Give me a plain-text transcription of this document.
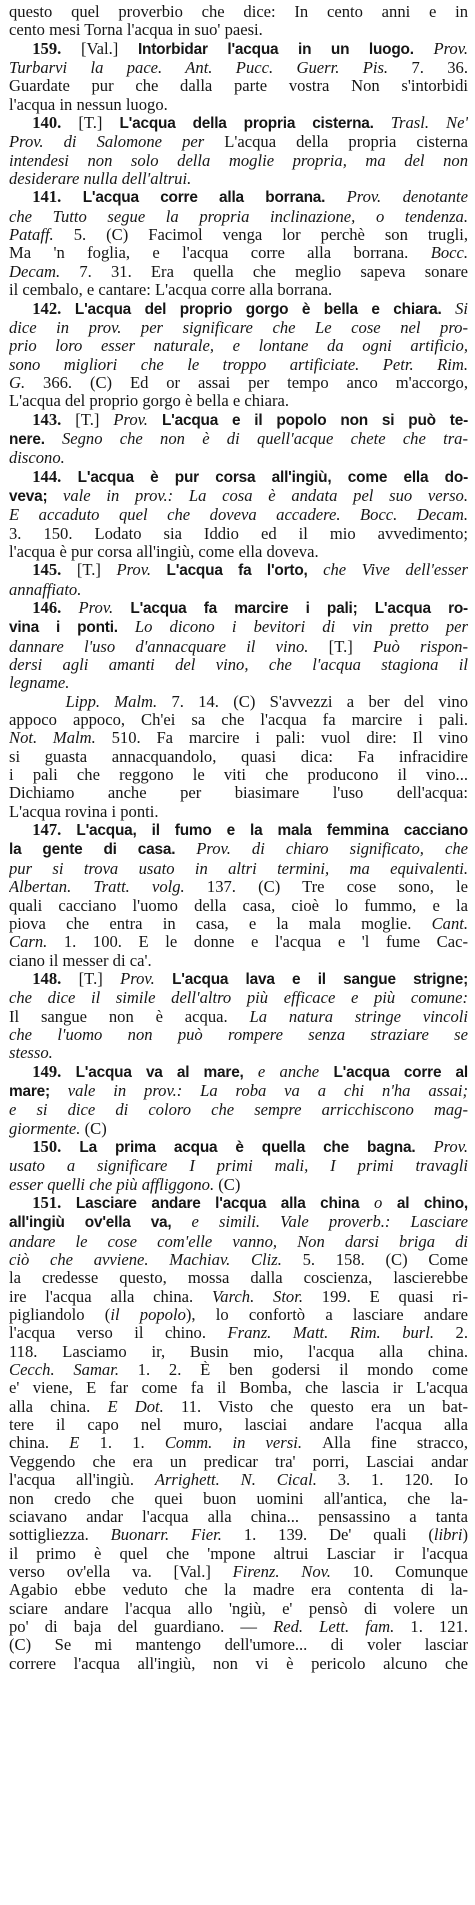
questo quel proverbio che dice: In cento anni e in
cento mesi Torna l'acqua in suo' paesi.
159. [Val.] Intorbidar l'acqua in un luogo. Prov.
Turbarvi la pace. Ant. Pucc. Guerr. Pis. 7. 36.
Guardate pur che dalla parte vostra Non s'intorbidi
l'acqua in nessun luogo.
140. [T.] L'acqua della propria cisterna. Trasl. Ne'
Prov. di Salomone per L'acqua della propria cisterna
intendesi non solo della moglie propria, ma del non
desiderare nulla dell'altrui.
141. L'acqua corre alla borrana. Prov. denotante
che Tutto segue la propria inclinazione, o tendenza.
Pataff. 5. (C) Facimol venga lor perchè son trugli,
Ma 'n foglia, e l'acqua corre alla borrana. Bocc.
Decam. 7. 31. Era quella che meglio sapeva sonare
il cembalo, e cantare: L'acqua corre alla borrana.
142. L'acqua del proprio gorgo è bella e chiara. Si
dice in prov. per significare che Le cose nel pro-
prio loro esser naturale, e lontane da ogni artificio,
sono migliori che le troppo artificiate. Petr. Rim.
G. 366. (C) Ed or assai per tempo anco m'accorgo,
L'acqua del proprio gorgo è bella e chiara.
143. [T.] Prov. L'acqua e il popolo non si può te-
nere. Segno che non è di quell'acque chete che tra-
discono.
144. L'acqua è pur corsa all'ingiù, come ella do-
veva; vale in prov.: La cosa è andata pel suo verso.
E accaduto quel che doveva accadere. Bocc. Decam.
3. 150. Lodato sia Iddio ed il mio avvedimento;
l'acqua è pur corsa all'ingiù, come ella doveva.
145. [T.] Prov. L'acqua fa l'orto, che Vive dell'esser
annaffiato.
146. Prov. L'acqua fa marcire i pali; L'acqua ro-
vina i ponti. Lo dicono i bevitori di vin pretto per
dannare l'uso d'annacquare il vino. [T.] Può rispon-
dersi agli amanti del vino, che l'acqua stagiona il
legname.
Lipp. Malm. 7. 14. (C) S'avvezzi a ber del vino
appoco appoco, Ch'ei sa che l'acqua fa marcire i pali.
Not. Malm. 510. Fa marcire i pali: vuol dire: Il vino
si guasta annacquandolo, quasi dica: Fa infracidire
i pali che reggono le viti che producono il vino...
Dichiamo anche per biasimare l'uso dell'acqua:
L'acqua rovina i ponti.
147. L'acqua, il fumo e la mala femmina cacciano
la gente di casa. Prov. di chiaro significato, che
pur si trova usato in altri termini, ma equivalenti.
Albertan. Tratt. volg. 137. (C) Tre cose sono, le
quali cacciano l'uomo della casa, cioè lo fummo, e la
piova che entra in casa, e la mala moglie. Cant.
Carn. 1. 100. E le donne e l'acqua e 'l fume Cac-
ciano il messer di ca'.
148. [T.] Prov. L'acqua lava e il sangue strigne;
che dice il simile dell'altro più efficace e più comune:
Il sangue non è acqua. La natura stringe vincoli
che l'uomo non può rompere senza straziare se
stesso.
149. L'acqua va al mare, e anche L'acqua corre al
mare; vale in prov.: La roba va a chi n'ha assai;
e si dice di coloro che sempre arricchiscono mag-
giormente. (C)
150. La prima acqua è quella che bagna. Prov.
usato a significare I primi mali, I primi travagli
esser quelli che più affliggono. (C)
151. Lasciare andare l'acqua alla china o al chino,
all'ingiù ov'ella va, e simili. Vale proverb.: Lasciare
andare le cose com'elle vanno, Non darsi briga di
ciò che avviene. Machiav. Cliz. 5. 158. (C) Come
la credesse questo, mossa dalla coscienza, lascierebbe
ire l'acqua alla china. Varch. Stor. 199. E quasi ri-
pigliandolo (il popolo), lo confortò a lasciare andare
l'acqua verso il chino. Franz. Matt. Rim. burl. 2.
118. Lasciamo ir, Busin mio, l'acqua alla china.
Cecch. Samar. 1. 2. È ben godersi il mondo come
e' viene, E far come fa il Bomba, che lascia ir L'acqua
alla china. E Dot. 11. Visto che questo era un bat-
tere il capo nel muro, lasciai andare l'acqua alla
china. E 1. 1. Comm. in versi. Alla fine stracco,
Veggendo che era un predicar tra' porri, Lasciai andar
l'acqua all'ingiù. Arrighett. N. Cical. 3. 1. 120. Io
non credo che quei buon uomini all'antica, che la-
sciavano andar l'acqua alla china... pensassino a tanta
sottigliezza. Buonarr. Fier. 1. 139. De' quali (libri)
il primo è quel che 'mpone altrui Lasciar ir l'acqua
verso ov'ella va. [Val.] Firenz. Nov. 10. Comunque
Agabio ebbe veduto che la madre era contenta di la-
sciare andare l'acqua allo 'ngiù, e' pensò di volere un
po' di baja del guardiano. — Red. Lett. fam. 1. 121.
(C) Se mi mantengo dell'umore... di voler lasciar
correre l'acqua all'ingiù, non vi è pericolo alcuno che
